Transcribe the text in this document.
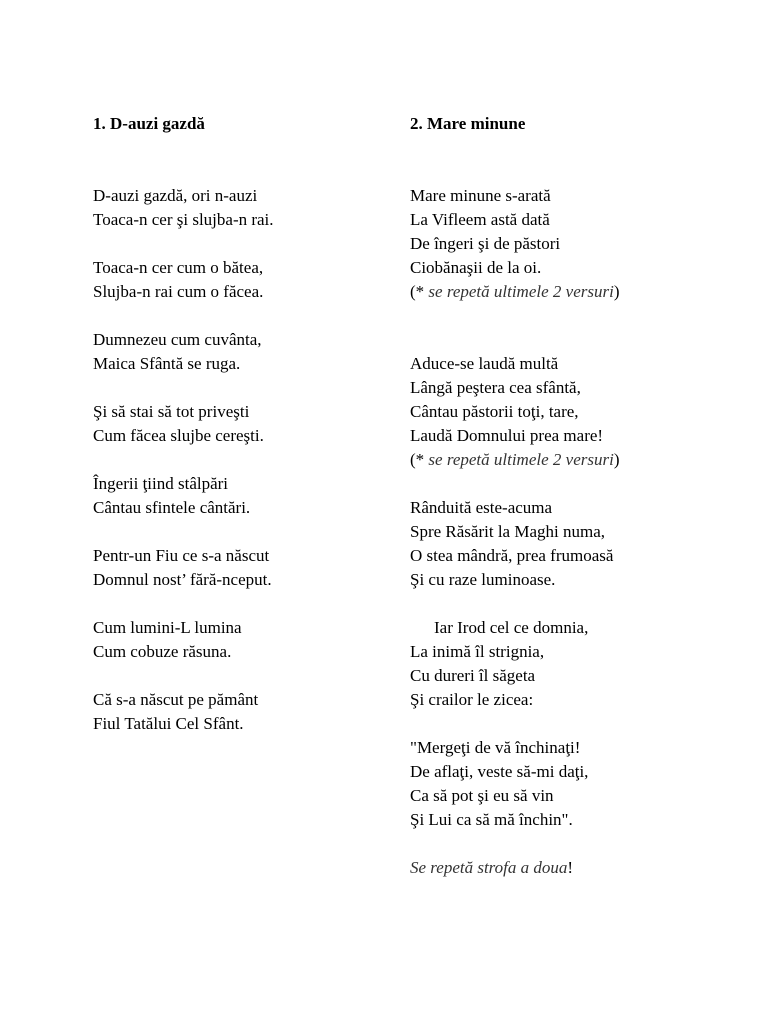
1. D-auzi gazdă
D-auzi gazdă, ori n-auzi
Toaca-n cer şi slujba-n rai.
Toaca-n cer cum o bătea,
Slujba-n rai cum o făcea.
Dumnezeu cum cuvânta,
Maica Sfântă se ruga.
Şi să stai să tot priveşti
Cum făcea slujbe cereşti.
Îngerii ţiind stâlpări
Cântau sfintele cântări.
Pentr-un Fiu ce s-a născut
Domnul nost’ fără-nceput.
Cum lumini-L lumina
Cum cobuze răsuna.
Că s-a născut pe pământ
Fiul Tatălui Cel Sfânt.
2. Mare minune
Mare minune s-arată
La Vifleem astă dată
De îngeri şi de păstori
Ciobănaşii de la oi.
(* se repetă ultimele 2 versuri)
Aduce-se laudă multă
Lângă peştera cea sfântă,
Cântau păstorii toţi, tare,
Laudă Domnului prea mare!
(* se repetă ultimele 2 versuri)
Rânduită este-acuma
Spre Răsărit la Maghi numa,
O stea mândră, prea frumoasă
Şi cu raze luminoase.
Iar Irod cel ce domnia,
La inimă îl strignia,
Cu dureri îl săgeta
Şi crailor le zicea:
"Mergeţi de vă închinaţi!
De aflaţi, veste să-mi daţi,
Ca să pot şi eu să vin
Şi Lui ca să mă închin".
Se repetă strofa a doua!
